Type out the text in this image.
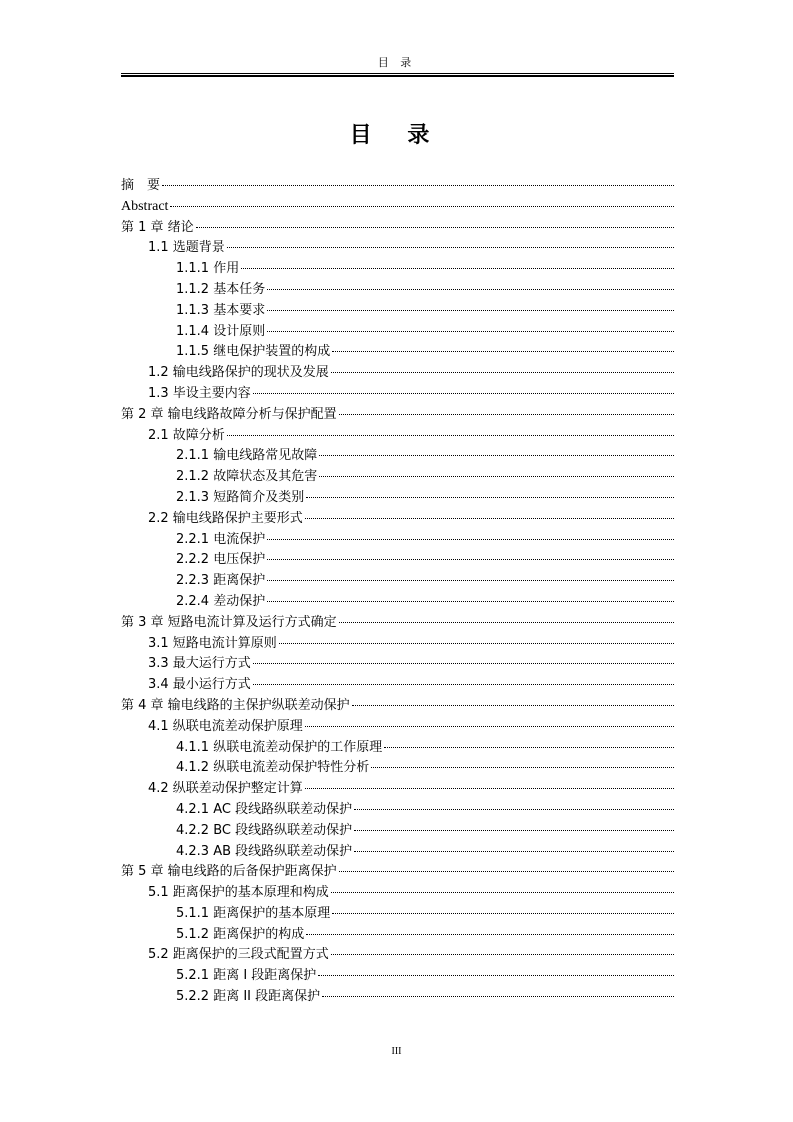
目 录
目 录
摘　要
Abstract
第 1 章 绪论
1.1 选题背景
1.1.1 作用
1.1.2 基本任务
1.1.3 基本要求
1.1.4 设计原则
1.1.5 继电保护装置的构成
1.2 输电线路保护的现状及发展
1.3 毕设主要内容
第 2 章 输电线路故障分析与保护配置
2.1 故障分析
2.1.1 输电线路常见故障
2.1.2 故障状态及其危害
2.1.3 短路简介及类别
2.2 输电线路保护主要形式
2.2.1 电流保护
2.2.2 电压保护
2.2.3 距离保护
2.2.4 差动保护
第 3 章 短路电流计算及运行方式确定
3.1 短路电流计算原则
3.3 最大运行方式
3.4 最小运行方式
第 4 章 输电线路的主保护纵联差动保护
4.1 纵联电流差动保护原理
4.1.1 纵联电流差动保护的工作原理
4.1.2 纵联电流差动保护特性分析
4.2 纵联差动保护整定计算
4.2.1 AC 段线路纵联差动保护
4.2.2 BC 段线路纵联差动保护
4.2.3 AB 段线路纵联差动保护
第 5 章 输电线路的后备保护距离保护
5.1 距离保护的基本原理和构成
5.1.1 距离保护的基本原理
5.1.2 距离保护的构成
5.2 距离保护的三段式配置方式
5.2.1 距离 I 段距离保护
5.2.2 距离 II 段距离保护
III
